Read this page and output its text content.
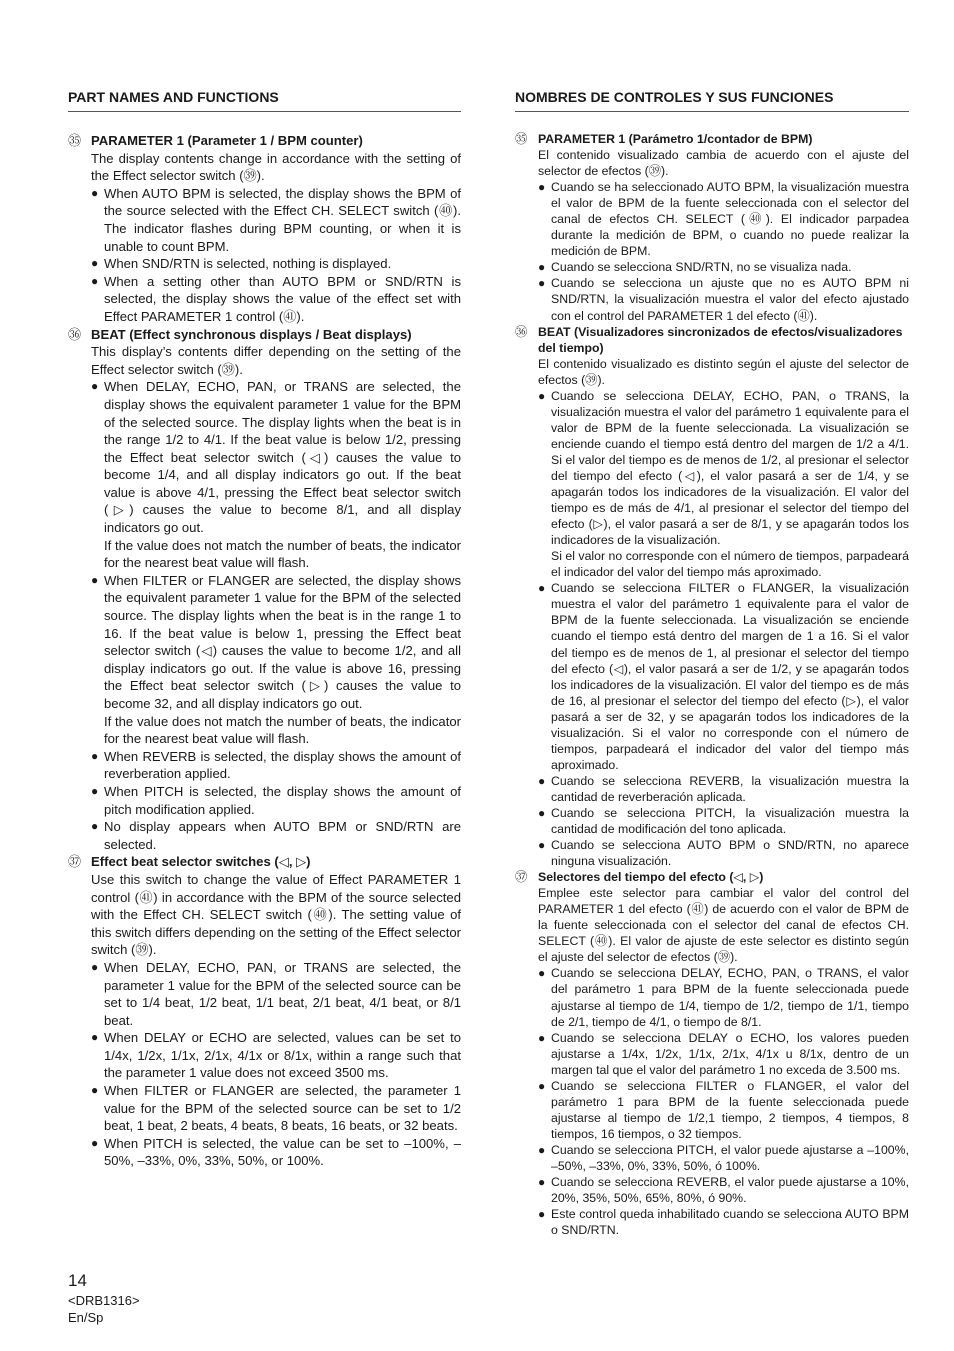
PART NAMES AND FUNCTIONS
㉟ PARAMETER 1 (Parameter 1 / BPM counter)
The display contents change in accordance with the setting of the Effect selector switch (㊴).
● When AUTO BPM is selected, the display shows the BPM of the source selected with the Effect CH. SELECT switch (㊵). The indicator flashes during BPM counting, or when it is unable to count BPM.
● When SND/RTN is selected, nothing is displayed.
● When a setting other than AUTO BPM or SND/RTN is selected, the display shows the value of the effect set with Effect PARAMETER 1 control (㊶).
㊱ BEAT (Effect synchronous displays / Beat displays)
This display’s contents differ depending on the setting of the Effect selector switch (㊴).
● When DELAY, ECHO, PAN, or TRANS are selected, the display shows the equivalent parameter 1 value for the BPM of the selected source. The display lights when the beat is in the range 1/2 to 4/1. If the beat value is below 1/2, pressing the Effect beat selector switch (◁) causes the value to become 1/4, and all display indicators go out. If the beat value is above 4/1, pressing the Effect beat selector switch (▷) causes the value to become 8/1, and all display indicators go out.
If the value does not match the number of beats, the indicator for the nearest beat value will flash.
● When FILTER or FLANGER are selected, the display shows the equivalent parameter 1 value for the BPM of the selected source. The display lights when the beat is in the range 1 to 16. If the beat value is below 1, pressing the Effect beat selector switch (◁) causes the value to become 1/2, and all display indicators go out. If the value is above 16, pressing the Effect beat selector switch (▷) causes the value to become 32, and all display indicators go out.
If the value does not match the number of beats, the indicator for the nearest beat value will flash.
● When REVERB is selected, the display shows the amount of reverberation applied.
● When PITCH is selected, the display shows the amount of pitch modification applied.
● No display appears when AUTO BPM or SND/RTN are selected.
㊲ Effect beat selector switches (◁, ▷)
Use this switch to change the value of Effect PARAMETER 1 control (㊶) in accordance with the BPM of the source selected with the Effect CH. SELECT switch (㊵). The setting value of this switch differs depending on the setting of the Effect selector switch (㊴).
● When DELAY, ECHO, PAN, or TRANS are selected, the parameter 1 value for the BPM of the selected source can be set to 1/4 beat, 1/2 beat, 1/1 beat, 2/1 beat, 4/1 beat, or 8/1 beat.
● When DELAY or ECHO are selected, values can be set to 1/4x, 1/2x, 1/1x, 2/1x, 4/1x or 8/1x, within a range such that the parameter 1 value does not exceed 3500 ms.
● When FILTER or FLANGER are selected, the parameter 1 value for the BPM of the selected source can be set to 1/2 beat, 1 beat, 2 beats, 4 beats, 8 beats, 16 beats, or 32 beats.
● When PITCH is selected, the value can be set to –100%, –50%, –33%, 0%, 33%, 50%, or 100%.
NOMBRES DE CONTROLES Y SUS FUNCIONES
㉟ PARAMETER 1 (Parámetro 1/contador de BPM)
El contenido visualizado cambia de acuerdo con el ajuste del selector de efectos (㊴).
● Cuando se ha seleccionado AUTO BPM, la visualización muestra el valor de BPM de la fuente seleccionada con el selector del canal de efectos CH. SELECT (㊵). El indicador parpadea durante la medición de BPM, o cuando no puede realizar la medición de BPM.
● Cuando se selecciona SND/RTN, no se visualiza nada.
● Cuando se selecciona un ajuste que no es AUTO BPM ni SND/RTN, la visualización muestra el valor del efecto ajustado con el control del PARAMETER 1 del efecto (㊶).
㊱ BEAT (Visualizadores sincronizados de efectos/visualizadores del tiempo)
El contenido visualizado es distinto según el ajuste del selector de efectos (㊴).
● Cuando se selecciona DELAY, ECHO, PAN, o TRANS, la visualización muestra el valor del parámetro 1 equivalente para el valor de BPM de la fuente seleccionada. La visualización se enciende cuando el tiempo está dentro del margen de 1/2 a 4/1. Si el valor del tiempo es de menos de 1/2, al presionar el selector del tiempo del efecto (◁), el valor pasará a ser de 1/4, y se apagarán todos los indicadores de la visualización. El valor del tiempo es de más de 4/1, al presionar el selector del tiempo del efecto (▷), el valor pasará a ser de 8/1, y se apagarán todos los indicadores de la visualización.
Si el valor no corresponde con el número de tiempos, parpadeará el indicador del valor del tiempo más aproximado.
● Cuando se selecciona FILTER o FLANGER, la visualización muestra el valor del parámetro 1 equivalente para el valor de BPM de la fuente seleccionada. La visualización se enciende cuando el tiempo está dentro del margen de 1 a 16. Si el valor del tiempo es de menos de 1, al presionar el selector del tiempo del efecto (◁), el valor pasará a ser de 1/2, y se apagarán todos los indicadores de la visualización. El valor del tiempo es de más de 16, al presionar el selector del tiempo del efecto (▷), el valor pasará a ser de 32, y se apagarán todos los indicadores de la visualización. Si el valor no corresponde con el número de tiempos, parpadeará el indicador del valor del tiempo más aproximado.
● Cuando se selecciona REVERB, la visualización muestra la cantidad de reverberación aplicada.
● Cuando se selecciona PITCH, la visualización muestra la cantidad de modificación del tono aplicada.
● Cuando se selecciona AUTO BPM o SND/RTN, no aparece ninguna visualización.
㊲ Selectores del tiempo del efecto (◁, ▷)
Emplee este selector para cambiar el valor del control del PARAMETER 1 del efecto (㊶) de acuerdo con el valor de BPM de la fuente seleccionada con el selector del canal de efectos CH. SELECT (㊵). El valor de ajuste de este selector es distinto según el ajuste del selector de efectos (㊴).
● Cuando se selecciona DELAY, ECHO, PAN, o TRANS, el valor del parámetro 1 para BPM de la fuente seleccionada puede ajustarse al tiempo de 1/4, tiempo de 1/2, tiempo de 1/1, tiempo de 2/1, tiempo de 4/1, o tiempo de 8/1.
● Cuando se selecciona DELAY o ECHO, los valores pueden ajustarse a 1/4x, 1/2x, 1/1x, 2/1x, 4/1x u 8/1x, dentro de un margen tal que el valor del parámetro 1 no exceda de 3.500 ms.
● Cuando se selecciona FILTER o FLANGER, el valor del parámetro 1 para BPM de la fuente seleccionada puede ajustarse al tiempo de 1/2,1 tiempo, 2 tiempos, 4 tiempos, 8 tiempos, 16 tiempos, o 32 tiempos.
● Cuando se selecciona PITCH, el valor puede ajustarse a –100%, –50%, –33%, 0%, 33%, 50%, ó 100%.
● Cuando se selecciona REVERB, el valor puede ajustarse a 10%, 20%, 35%, 50%, 65%, 80%, ó 90%.
● Este control queda inhabilitado cuando se selecciona AUTO BPM o SND/RTN.
14
<DRB1316>
En/Sp
